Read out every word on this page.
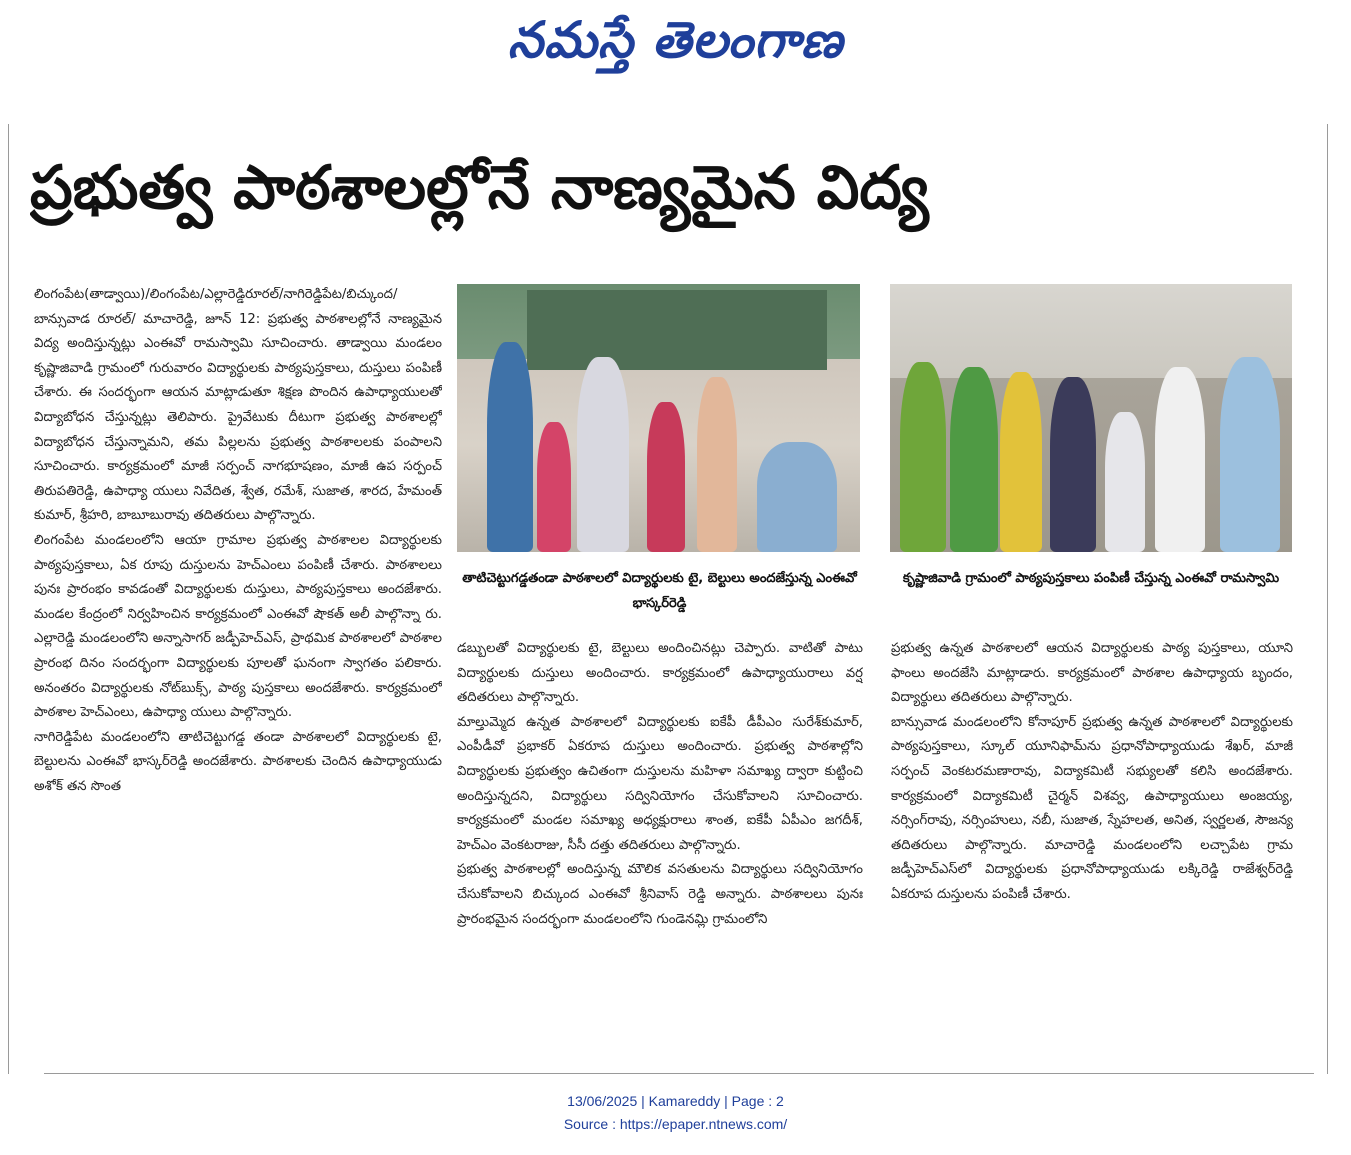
నమస్తే తెలంగాణ
ప్రభుత్వ పాఠశాలల్లోనే నాణ్యమైన విద్య

లింగంపేట(తాడ్వాయి)/లింగంపేట/ఎల్లారెడ్డిరూరల్/నాగిరెడ్డిపేట/బిచ్కుంద/బాన్సువాడ రూరల్/ మాచారెడ్డి, జూన్ 12: ప్రభుత్వ పాఠశాలల్లోనే నాణ్యమైన విద్య అందిస్తున్నట్లు ఎంఈవో రామస్వామి సూచించారు. తాడ్వాయి మండలం కృష్ణాజివాడి గ్రామంలో గురువారం విద్యార్థులకు పాఠ్యపుస్తకాలు, దుస్తులు పంపిణీ చేశారు. ఈ సందర్భంగా ఆయన మాట్లాడుతూ శిక్షణ పొందిన ఉపాధ్యాయులతో విద్యాబోధన చేస్తున్నట్లు తెలిపారు. ప్రైవేటుకు దీటుగా ప్రభుత్వ పాఠశాలల్లో విద్యాబోధన చేస్తున్నామని, తమ పిల్లలను ప్రభుత్వ పాఠశాలలకు పంపాలని సూచించారు. కార్యక్రమంలో మాజీ సర్పంచ్ నాగభూషణం, మాజీ ఉప సర్పంచ్ తిరుపతిరెడ్డి, ఉపాధ్యా యులు నివేదిత, శ్వేత, రమేశ్, సుజాత, శారద, హేమంత్ కుమార్, శ్రీహరి, బాబూబురావు తదితరులు పాల్గొన్నారు.

లింగంపేట మండలంలోని ఆయా గ్రామాల ప్రభుత్వ పాఠశాలల విద్యార్థులకు పాఠ్యపుస్తకాలు, ఏక రూపు దుస్తులను హెచ్ఎంలు పంపిణీ చేశారు. పాఠశాలలు పునః ప్రారంభం కావడంతో విద్యార్థులకు దుస్తులు, పాఠ్యపుస్తకాలు అందజేశారు. మండల కేంద్రంలో నిర్వహించిన కార్యక్రమంలో ఎంఈవో షౌకత్ అలీ పాల్గొన్నా రు. ఎల్లారెడ్డి మండలంలోని అన్నాసాగర్ జడ్పీహెచ్ఎస్, ప్రాథమిక పాఠశాలలో పాఠశాల ప్రారంభ దినం సందర్భంగా విద్యార్థులకు పూలతో ఘనంగా స్వాగతం పలికారు. అనంతరం విద్యార్థులకు నోట్‌బుక్స్, పాఠ్య పుస్తకాలు అందజేశారు. కార్యక్రమంలో పాఠశాల హెచ్ఎంలు, ఉపాధ్యా యులు పాల్గొన్నారు.

నాగిరెడ్డిపేట మండలంలోని తాటిచెట్టుగడ్డ తండా పాఠశాలలో విద్యార్థులకు టై, బెల్టులను ఎంఈవో భాస్కర్‌రెడ్డి అందజేశారు. పాఠశాలకు చెందిన ఉపాధ్యాయుడు అశోక్ తన సొంత

తాటిచెట్టుగడ్డతండా పాఠశాలలో విద్యార్థులకు టై, బెల్టులు అందజేస్తున్న ఎంఈవో భాస్కర్‌రెడ్డి
కృష్ణాజివాడి గ్రామంలో పాఠ్యపుస్తకాలు పంపిణీ చేస్తున్న ఎంఈవో రామస్వామి

డబ్బులతో విద్యార్థులకు టై, బెల్టులు అందించినట్లు చెప్పారు. వాటితో పాటు విద్యార్థులకు దుస్తులు అందించారు. కార్యక్రమంలో ఉపాధ్యాయురాలు వర్ష తదితరులు పాల్గొన్నారు.

మాల్తుమ్మెద ఉన్నత పాఠశాలలో విద్యార్థులకు ఐకేపీ డీపీఎం సురేశ్‌కుమార్, ఎంపీడీవో ప్రభాకర్ ఏకరూప దుస్తులు అందించారు. ప్రభుత్వ పాఠశాల్లోని విద్యార్థులకు ప్రభుత్వం ఉచితంగా దుస్తులను మహిళా సమాఖ్య ద్వారా కుట్టించి అందిస్తున్నదని, విద్యార్థులు సద్వినియోగం చేసుకోవాలని సూచించారు. కార్యక్రమంలో మండల సమాఖ్య అధ్యక్షురాలు శాంత, ఐకేపీ ఏపీఎం జగదీశ్, హెచ్ఎం వెంకటరాజు, సీసీ దత్తు తదితరులు పాల్గొన్నారు.

ప్రభుత్వ పాఠశాలల్లో అందిస్తున్న మౌలిక వసతులను విద్యార్థులు సద్వినియోగం చేసుకోవాలని బిచ్కుంద ఎంఈవో శ్రీనివాస్ రెడ్డి అన్నారు. పాఠశాలలు పునః ప్రారంభమైన సందర్భంగా మండలంలోని గుండెనమ్లి గ్రామంలోని

ప్రభుత్వ ఉన్నత పాఠశాలలో ఆయన విద్యార్థులకు పాఠ్య పుస్తకాలు, యూని ఫాంలు అందజేసి మాట్లాడారు. కార్యక్రమంలో పాఠశాల ఉపాధ్యాయ బృందం, విద్యార్థులు తదితరులు పాల్గొన్నారు.

బాన్సువాడ మండలంలోని కోనాపూర్ ప్రభుత్వ ఉన్నత పాఠశాలలో విద్యార్థులకు పాఠ్యపుస్తకాలు, స్కూల్ యూనిఫామ్‌ను ప్రధానోపాధ్యాయుడు శేఖర్, మాజీ సర్పంచ్ వెంకటరమణారావు, విద్యాకమిటీ సభ్యులతో కలిసి అందజేశారు. కార్యక్రమంలో విద్యాకమిటీ చైర్మన్ విశవ్వ, ఉపాధ్యాయులు అంజయ్య, నర్సింగ్‌రావు, నర్సింహులు, నబీ, సుజాత, స్నేహలత, అనిత, స్వర్ణలత, సౌజన్య తదితరులు పాల్గొన్నారు. మాచారెడ్డి మండలంలోని లచ్చాపేట గ్రామ జడ్పీహెచ్ఎస్‌లో విద్యార్థులకు ప్రధానోపాధ్యాయుడు లక్కిరెడ్డి రాజేశ్వర్‌రెడ్డి ఏకరూప దుస్తులను పంపిణీ చేశారు.

13/06/2025 | Kamareddy | Page : 2
Source : https://epaper.ntnews.com/
